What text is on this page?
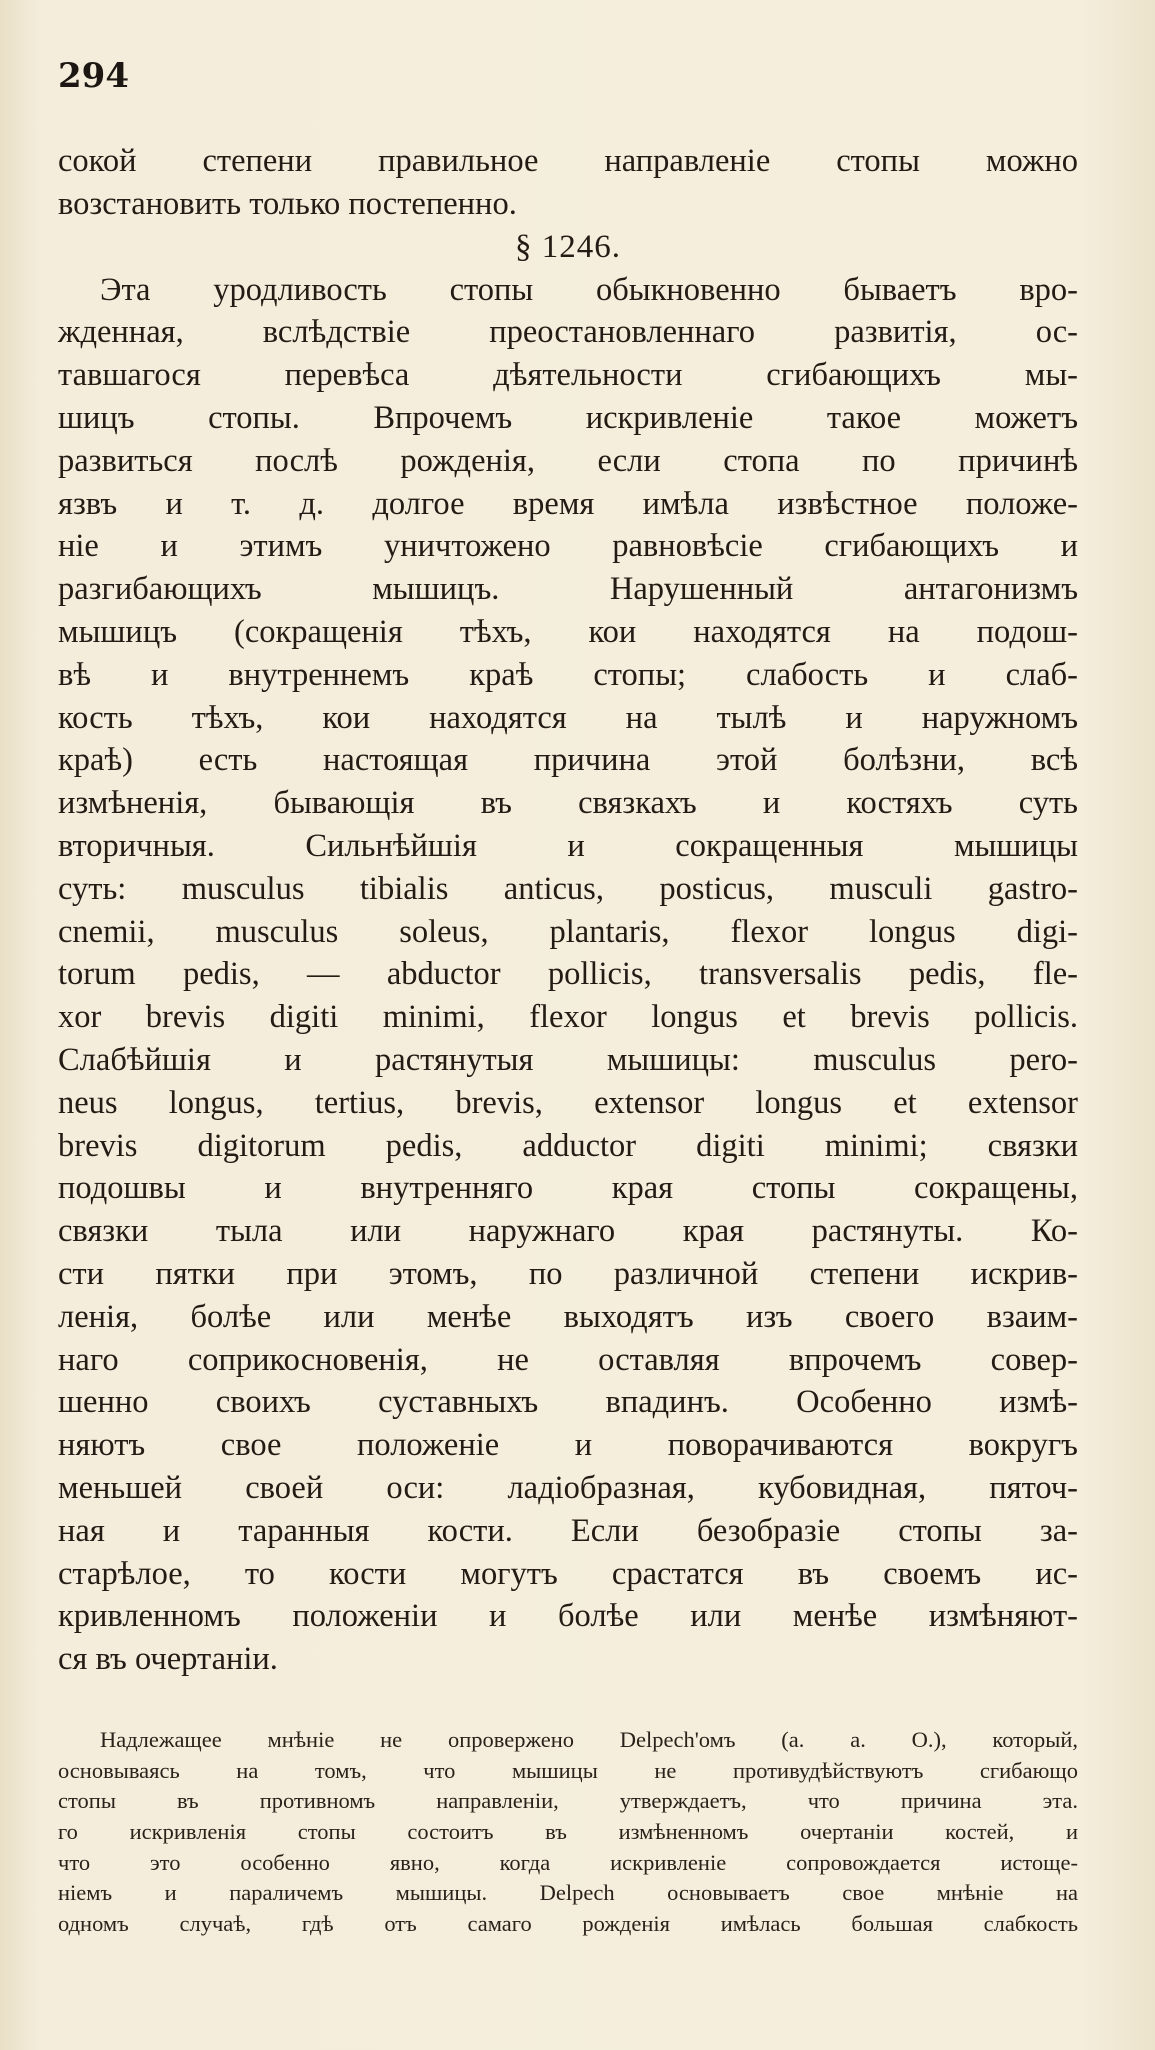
294
сокой степени правильное направленіе стопы можно
возстановить только постепенно.
§ 1246.
Эта уродливость стопы обыкновенно бываетъ вро-
жденная, вслѣдствіе преостановленнаго развитія, ос-
тавшагося перевѣса дѣятельности сгибающихъ мы-
шицъ стопы. Впрочемъ искривленіе такое можетъ
развиться послѣ рожденія, если стопа по причинѣ
язвъ и т. д. долгое время имѣла извѣстное положе-
ніе и этимъ уничтожено равновѣсіе сгибающихъ и
разгибающихъ мышицъ. Нарушенный антагонизмъ
мышицъ (сокращенія тѣхъ, кои находятся на подош-
вѣ и внутреннемъ краѣ стопы; слабость и слаб-
кость тѣхъ, кои находятся на тылѣ и наружномъ
краѣ) есть настоящая причина этой болѣзни, всѣ
измѣненія, бывающія въ связкахъ и костяхъ суть
вторичныя. Сильнѣйшія и сокращенныя мышицы
суть: musculus tibialis anticus, posticus, musculi gastro-
cnemii, musculus soleus, plantaris, flexor longus digi-
torum pedis, — abductor pollicis, transversalis pedis, fle-
xor brevis digiti minimi, flexor longus et brevis pollicis.
Слабѣйшія и растянутыя мышицы: musculus pero-
neus longus, tertius, brevis, extensor longus et extensor
brevis digitorum pedis, adductor digiti minimi; связки
подошвы и внутренняго края стопы сокращены,
связки тыла или наружнаго края растянуты. Ко-
сти пятки при этомъ, по различной степени искрив-
ленія, болѣе или менѣе выходятъ изъ своего взаим-
наго соприкосновенія, не оставляя впрочемъ совер-
шенно своихъ суставныхъ впадинъ. Особенно измѣ-
няютъ свое положеніе и поворачиваются вокругъ
меньшей своей оси: ладіобразная, кубовидная, пяточ-
ная и таранныя кости. Если безобразіе стопы за-
старѣлое, то кости могутъ срастатся въ своемъ ис-
кривленномъ положеніи и болѣе или менѣе измѣняют-
ся въ очертаніи.
Надлежащее мнѣніе не опровержено Delpech'омъ (a. a. O.), который,
основываясь на томъ, что мышицы не противудѣйствуютъ сгибающо
стопы въ противномъ направленіи, утверждаетъ, что причина эта.
го искривленія стопы состоитъ въ измѣненномъ очертаніи костей, и
что это особенно явно, когда искривленіе сопровождается истоще-
ніемъ и параличемъ мышицы. Delpech основываетъ свое мнѣніе на
одномъ случаѣ, гдѣ отъ самаго рожденія имѣлась большая слабкость
